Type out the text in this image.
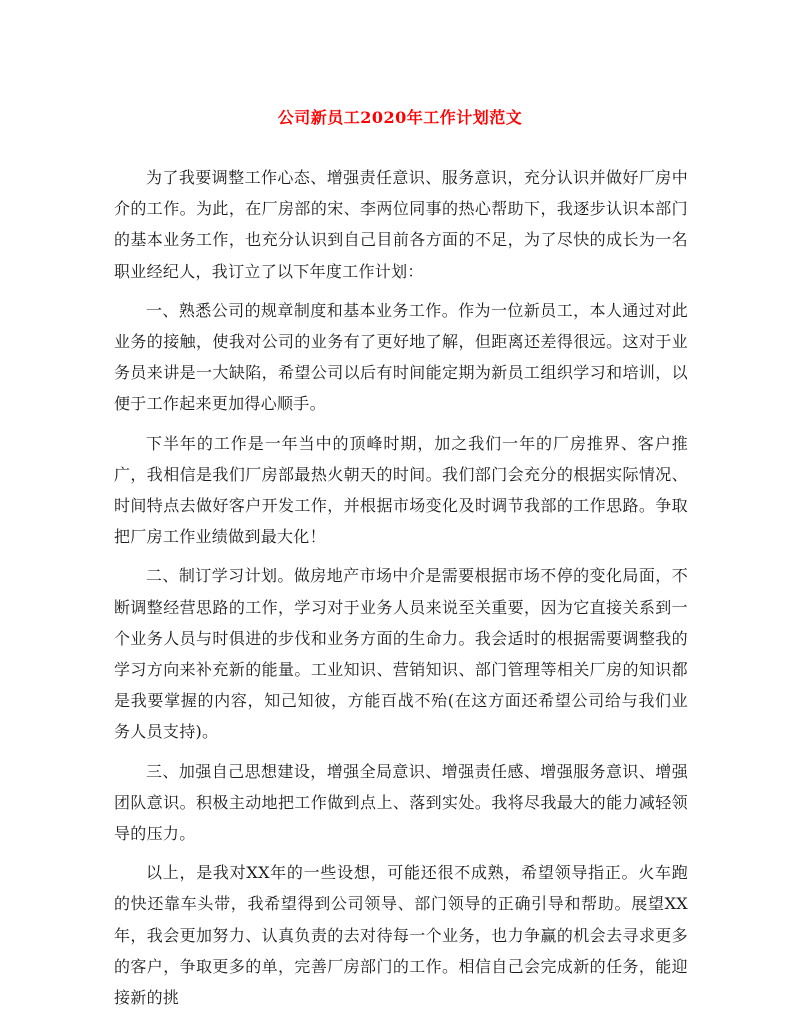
公司新员工2020年工作计划范文

为了我要调整工作心态、增强责任意识、服务意识，充分认识并做好厂房中介的工作。为此，在厂房部的宋、李两位同事的热心帮助下，我逐步认识本部门的基本业务工作，也充分认识到自己目前各方面的不足，为了尽快的成长为一名职业经纪人，我订立了以下年度工作计划：

一、熟悉公司的规章制度和基本业务工作。作为一位新员工，本人通过对此业务的接触，使我对公司的业务有了更好地了解，但距离还差得很远。这对于业务员来讲是一大缺陷，希望公司以后有时间能定期为新员工组织学习和培训，以便于工作起来更加得心顺手。

下半年的工作是一年当中的顶峰时期，加之我们一年的厂房推界、客户推广，我相信是我们厂房部最热火朝天的时间。我们部门会充分的根据实际情况、时间特点去做好客户开发工作，并根据市场变化及时调节我部的工作思路。争取把厂房工作业绩做到最大化！

二、制订学习计划。做房地产市场中介是需要根据市场不停的变化局面，不断调整经营思路的工作，学习对于业务人员来说至关重要，因为它直接关系到一个业务人员与时俱进的步伐和业务方面的生命力。我会适时的根据需要调整我的学习方向来补充新的能量。工业知识、营销知识、部门管理等相关厂房的知识都是我要掌握的内容，知己知彼，方能百战不殆(在这方面还希望公司给与我们业务人员支持)。

三、加强自己思想建设，增强全局意识、增强责任感、增强服务意识、增强团队意识。积极主动地把工作做到点上、落到实处。我将尽我最大的能力减轻领导的压力。

以上，是我对XX年的一些设想，可能还很不成熟，希望领导指正。火车跑的快还靠车头带，我希望得到公司领导、部门领导的正确引导和帮助。展望XX年，我会更加努力、认真负责的去对待每一个业务，也力争赢的机会去寻求更多的客户，争取更多的单，完善厂房部门的工作。相信自己会完成新的任务，能迎接新的挑
